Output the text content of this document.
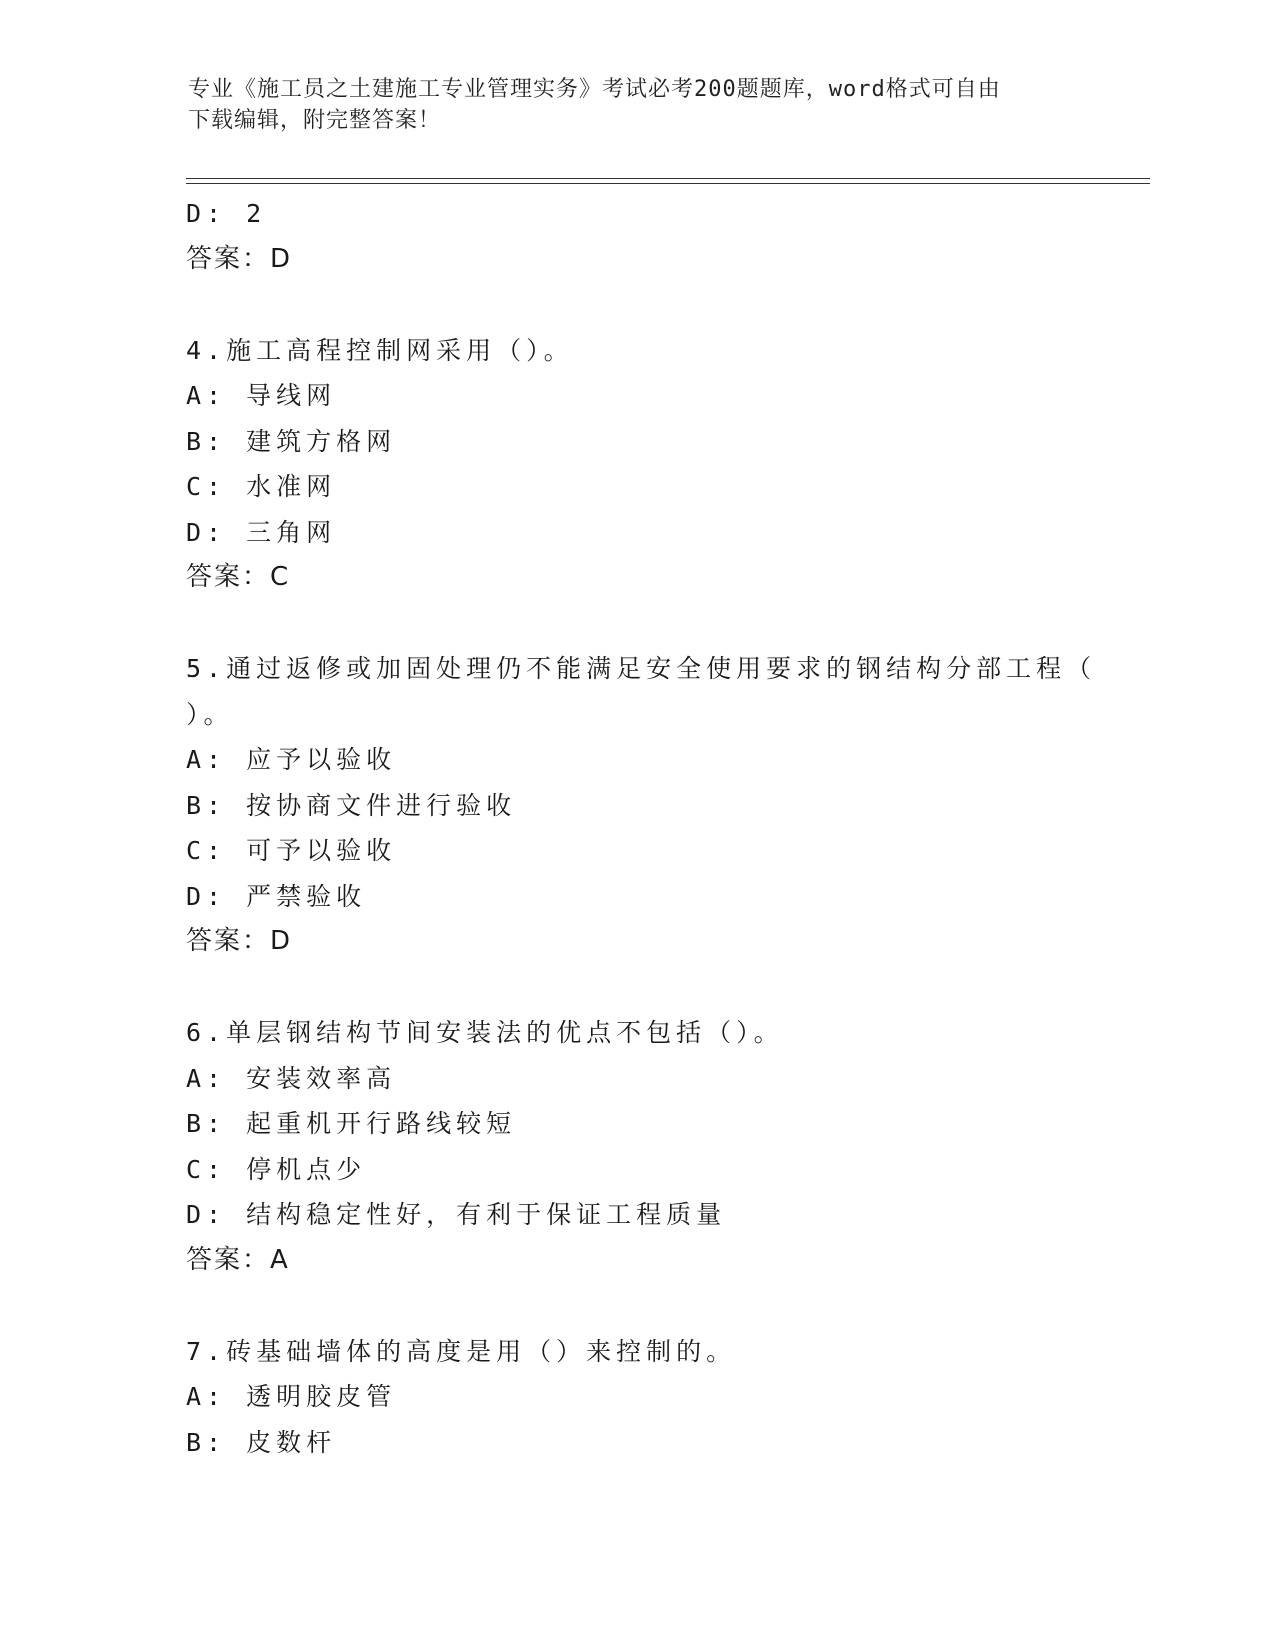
专业《施工员之土建施工专业管理实务》考试必考200题题库，word格式可自由
下载编辑，附完整答案！
D: 2
答案：D
4.施工高程控制网采用（）。
A: 导线网
B: 建筑方格网
C: 水准网
D: 三角网
答案：C
5.通过返修或加固处理仍不能满足安全使用要求的钢结构分部工程（
）。
A: 应予以验收
B: 按协商文件进行验收
C: 可予以验收
D: 严禁验收
答案：D
6.单层钢结构节间安装法的优点不包括（）。
A: 安装效率高
B: 起重机开行路线较短
C: 停机点少
D: 结构稳定性好，有利于保证工程质量
答案：A
7.砖基础墙体的高度是用（）来控制的。
A: 透明胶皮管
B: 皮数杆
